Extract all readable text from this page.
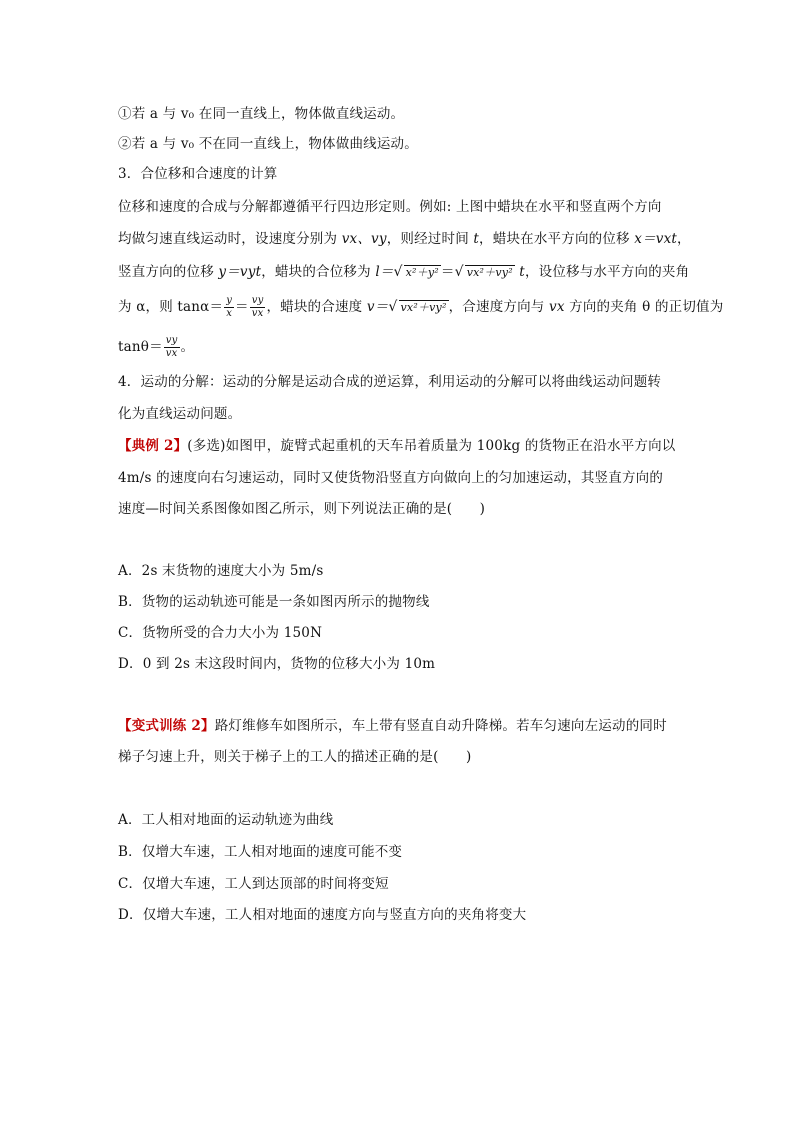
①若 a 与 v₀ 在同一直线上，物体做直线运动。
②若 a 与 v₀ 不在同一直线上，物体做曲线运动。
3．合位移和合速度的计算
位移和速度的合成与分解都遵循平行四边形定则。例如: 上图中蜡块在水平和竖直两个方向
均做匀速直线运动时，设速度分别为 vx、vy，则经过时间 t，蜡块在水平方向的位移 x＝vxt，
竖直方向的位移 y＝vyt，蜡块的合位移为 l＝√ x²＋y² ＝√ vx²＋vy² t，设位移与水平方向的夹角
为 α，则 $\tan\alpha= \frac{y}{x} = \frac{vy}{vx}$ ，蜡块的合速度 v＝√ vx²＋vy² ，合速度方向与 vx 方向的夹角 θ 的正切值为
$\tan\theta= \frac{vy}{vx}$ 。
4．运动的分解：运动的分解是运动合成的逆运算，利用运动的分解可以将曲线运动问题转
化为直线运动问题。
【典例 2】(多选)如图甲，旋臂式起重机的天车吊着质量为 100kg 的货物正在沿水平方向以
4m/s 的速度向右匀速运动，同时又使货物沿竖直方向做向上的匀加速运动，其竖直方向的
速度—时间关系图像如图乙所示，则下列说法正确的是(　　)
A．2s 末货物的速度大小为 5m/s
B．货物的运动轨迹可能是一条如图丙所示的抛物线
C．货物所受的合力大小为 150N
D．0 到 2s 末这段时间内，货物的位移大小为 10m
【变式训练 2】路灯维修车如图所示，车上带有竖直自动升降梯。若车匀速向左运动的同时
梯子匀速上升，则关于梯子上的工人的描述正确的是(　　)
A．工人相对地面的运动轨迹为曲线
B．仅增大车速，工人相对地面的速度可能不变
C．仅增大车速，工人到达顶部的时间将变短
D．仅增大车速，工人相对地面的速度方向与竖直方向的夹角将变大
